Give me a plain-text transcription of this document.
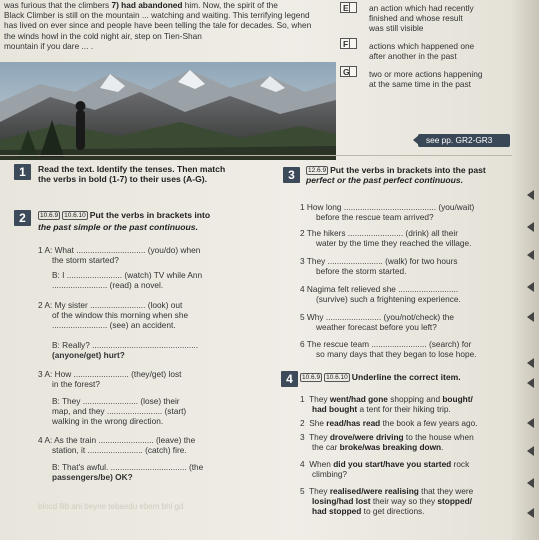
was furious that the climbers 7) had abandoned him. Now, the spirit of the
Black Climber is still on the mountain ... watching and waiting. This terrifying legend
has lived on ever since and people have been telling the tale for decades. So, when
the winds howl in the cold night air, step on Tien-Shan
mountain if you dare ... .
E	an action which had recently
finished and whose result
was still visible
F	actions which happened one
after another in the past
G	two or more actions happening
at the same time in the past
see pp. GR2-GR3
1	Read the text. Identify the tenses. Then match
the verbs in bold (1-7) to their uses (A-G).
2	10.6.9 10.6.10 Put the verbs in brackets into
the past simple or the past continuous.
1 A: What .............................. (you/do) when
the storm started?
B: I ........................ (watch) TV while Ann
........................ (read) a novel.
2 A: My sister ........................ (look) out
of the window this morning when she
........................ (see) an accident.
B: Really? ..............................................
(anyone/get) hurt?
3 A: How ........................ (they/get) lost
in the forest?
B: They ........................ (lose) their
map, and they ........................ (start)
walking in the wrong direction.
4 A: As the train ........................ (leave) the
station, it ........................ (catch) fire.
B: That's awful. ................................. (the
passengers/be) OK?
blocd llib ani beyne tebaedu ebem bhl gd
3	12.6.9 Put the verbs in brackets into the past
perfect or the past perfect continuous.
1 How long ........................................ (you/wait)
before the rescue team arrived?
2 The hikers ........................ (drink) all their
water by the time they reached the village.
3 They ........................ (walk) for two hours
before the storm started.
4 Nagima felt relieved she ..........................
(survive) such a frightening experience.
5 Why ........................ (you/not/check) the
weather forecast before you left?
6 The rescue team ........................ (search) for
so many days that they began to lose hope.
4	10.6.9 10.6.10 Underline the correct item.
1  They went/had gone shopping and bought/
had bought a tent for their hiking trip.
2  She read/has read the book a few years ago.
3  They drove/were driving to the house when
the car broke/was breaking down.
4  When did you start/have you started rock
climbing?
5  They realised/were realising that they were
losing/had lost their way so they stopped/
had stopped to get directions.
